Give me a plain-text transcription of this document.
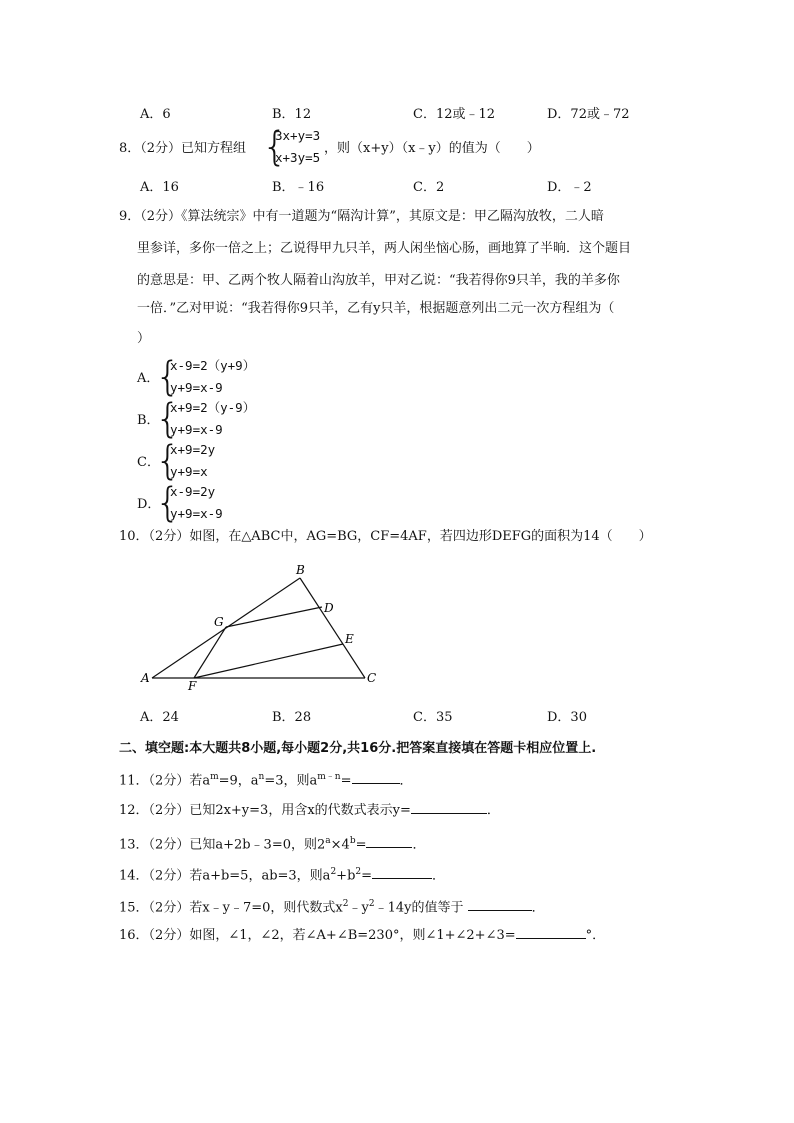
A．6	B．12	C．12或﹣12	D．72或﹣72
8．（2分）已知方程组 {
3x+y=3
x+3y=5
，则（x+y）（x﹣y）的值为（　　）
A．16	B．﹣16	C．2	D．﹣2
9．（2分）《算法统宗》中有一道题为“隔沟计算”，其原文是：甲乙隔沟放牧，二人暗
里参详，多你一倍之上；乙说得甲九只羊，两人闲坐恼心肠，画地算了半晌．这个题目
的意思是：甲、乙两个牧人隔着山沟放羊，甲对乙说：“我若得你9只羊，我的羊多你
一倍．”乙对甲说：“我若得你9只羊，乙有y只羊，根据题意列出二元一次方程组为（
）
A．
{
x-9=2（y+9）
y+9=x-9
B．
{
x+9=2（y-9）
y+9=x-9
C．
{
x+9=2y
y+9=x
D．
{
x-9=2y
y+9=x-9
10．（2分）如图，在△ABC中，AG=BG，CF=4AF，若四边形DEFG的面积为14（　　）
B
D
G
E
A
F
C
A．24	B．28	C．35	D．30
二、填空题:本大题共8小题,每小题2分,共16分.把答案直接填在答题卡相应位置上.
11．（2分）若$a^m=9$，$a^n=3$，则$a^{m﹣n}=$	．
12．（2分）已知2x+y=3，用含x的代数式表示y=	．
13．（2分）已知a+2b﹣3=0，则$2^a\times 4^b=$	．
14．（2分）若a+b=5，ab=3，则$a^2+b^2=$	．
15．（2分）若x﹣y﹣7=0，则代数式$x^2﹣y^2﹣14y$的值等于	．
16．（2分）如图，∠1，∠2，若∠A+∠B=230°，则∠1+∠2+∠3=	°．
